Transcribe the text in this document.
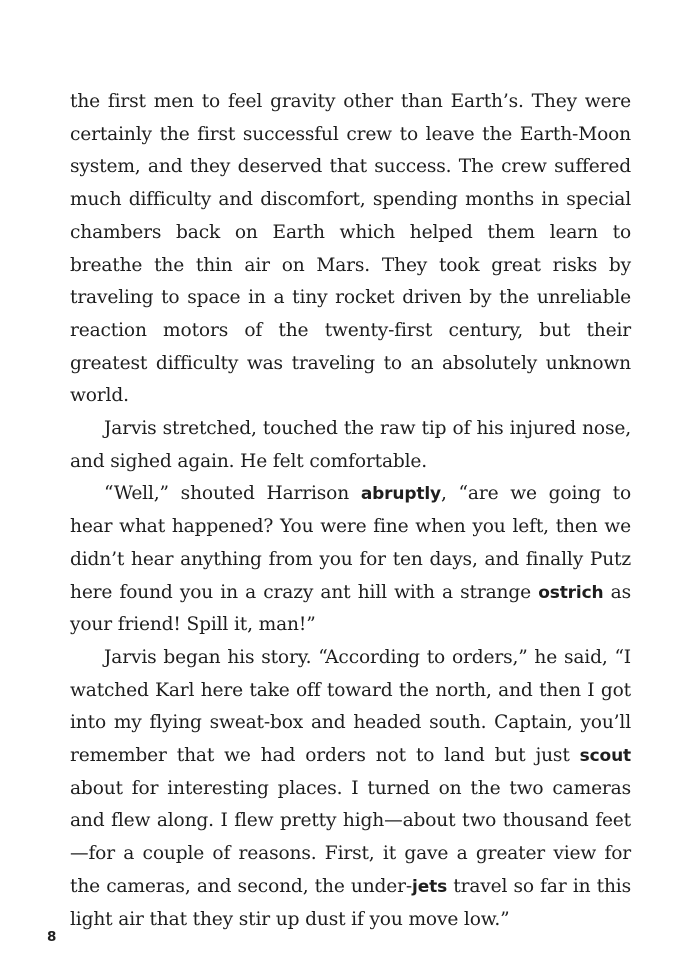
the first men to feel gravity other than Earth’s. They were certainly the first successful crew to leave the Earth-Moon system, and they deserved that success. The crew suffered much difficulty and discomfort, spending months in special chambers back on Earth which helped them learn to breathe the thin air on Mars. They took great risks by traveling to space in a tiny rocket driven by the unreliable reaction motors of the twenty-first century, but their greatest difficulty was traveling to an absolutely unknown world.

Jarvis stretched, touched the raw tip of his injured nose, and sighed again. He felt comfortable.

“Well,” shouted Harrison abruptly, “are we going to hear what happened? You were fine when you left, then we didn’t hear anything from you for ten days, and finally Putz here found you in a crazy ant hill with a strange ostrich as your friend! Spill it, man!”

Jarvis began his story. “According to orders,” he said, “I watched Karl here take off toward the north, and then I got into my flying sweat-box and headed south. Captain, you’ll remember that we had orders not to land but just scout about for interesting places. I turned on the two cameras and flew along. I flew pretty high—about two thousand feet—for a couple of reasons. First, it gave a greater view for the cameras, and second, the under-jets travel so far in this light air that they stir up dust if you move low.”

8
